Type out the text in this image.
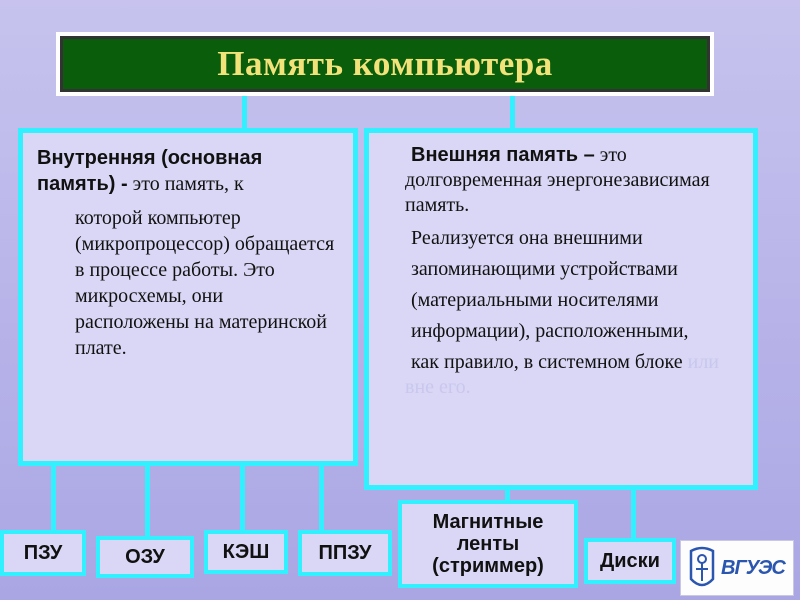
Память компьютера

Внутренняя (основная память) - это память, к

которой компьютер (микропроцессор) обращается в процессе работы. Это микросхемы, они расположены на материнской плате.

Внешняя память – это долговременная энергонезависимая память.

Реализуется она внешними

запоминающими устройствами

(материальными носителями

информации), расположенными,

как правило, в системном блоке или вне его.

ПЗУ	ОЗУ	КЭШ	ППЗУ
Магнитные ленты (стриммер)	Диски	ВГУЭС
